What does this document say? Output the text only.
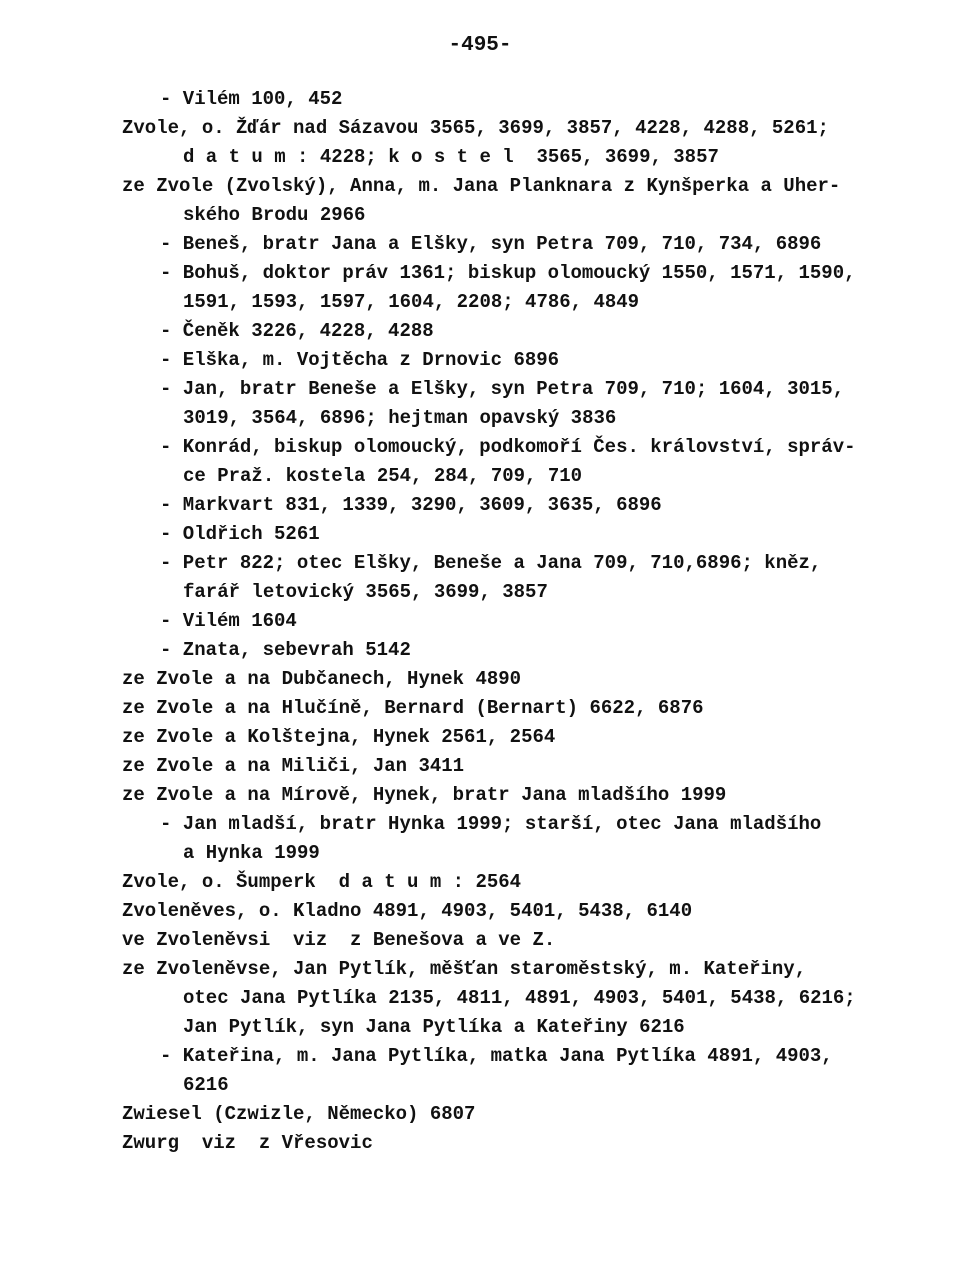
-495-
- Vilém 100, 452
Zvole, o. Žďár nad Sázavou 3565, 3699, 3857, 4228, 4288, 5261;
d a t u m : 4228; k o s t e l  3565, 3699, 3857
ze Zvole (Zvolský), Anna, m. Jana Planknara z Kynšperka a Uher-
ského Brodu 2966
- Beneš, bratr Jana a Elšky, syn Petra 709, 710, 734, 6896
- Bohuš, doktor práv 1361; biskup olomoucký 1550, 1571, 1590,
1591, 1593, 1597, 1604, 2208; 4786, 4849
- Čeněk 3226, 4228, 4288
- Elška, m. Vojtěcha z Drnovic 6896
- Jan, bratr Beneše a Elšky, syn Petra 709, 710; 1604, 3015,
3019, 3564, 6896; hejtman opavský 3836
- Konrád, biskup olomoucký, podkomoří Čes. království, správ-
ce Praž. kostela 254, 284, 709, 710
- Markvart 831, 1339, 3290, 3609, 3635, 6896
- Oldřich 5261
- Petr 822; otec Elšky, Beneše a Jana 709, 710,6896; kněz,
farář letovický 3565, 3699, 3857
- Vilém 1604
- Znata, sebevrah 5142
ze Zvole a na Dubčanech, Hynek 4890
ze Zvole a na Hlučíně, Bernard (Bernart) 6622, 6876
ze Zvole a Kolštejna, Hynek 2561, 2564
ze Zvole a na Miliči, Jan 3411
ze Zvole a na Mírově, Hynek, bratr Jana mladšího 1999
- Jan mladší, bratr Hynka 1999; starší, otec Jana mladšího
a Hynka 1999
Zvole, o. Šumperk  d a t u m : 2564
Zvoleněves, o. Kladno 4891, 4903, 5401, 5438, 6140
ve Zvoleněvsi  viz  z Benešova a ve Z.
ze Zvoleněvse, Jan Pytlík, měšťan staroměstský, m. Kateřiny,
otec Jana Pytlíka 2135, 4811, 4891, 4903, 5401, 5438, 6216;
Jan Pytlík, syn Jana Pytlíka a Kateřiny 6216
- Kateřina, m. Jana Pytlíka, matka Jana Pytlíka 4891, 4903,
6216
Zwiesel (Czwizle, Německo) 6807
Zwurg  viz  z Vřesovic
